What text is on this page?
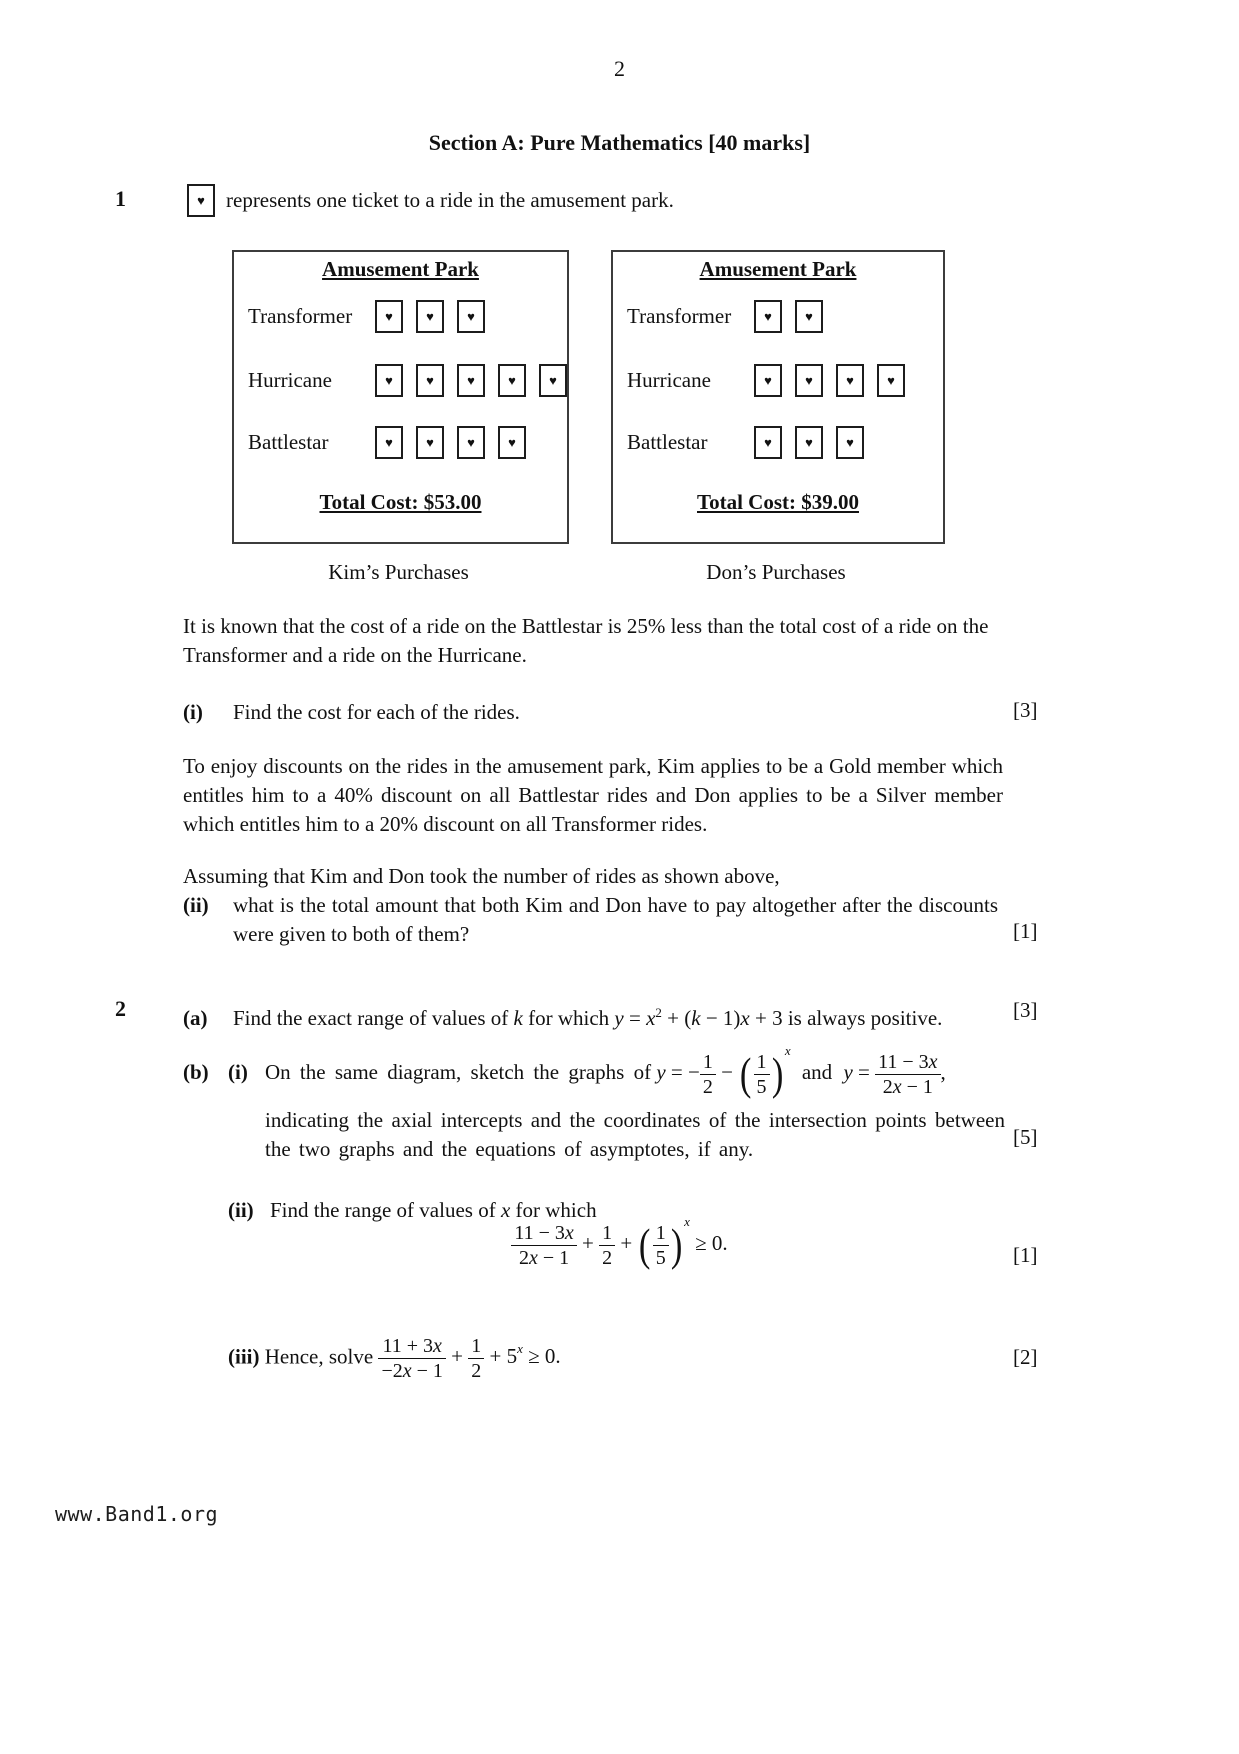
2
Section A: Pure Mathematics [40 marks]
1	♥ represents one ticket to a ride in the amusement park.
Amusement Park
Transformer	♥	♥	♥
Hurricane	♥	♥	♥	♥	♥
Battlestar	♥	♥	♥	♥
Total Cost: $53.00
Kim’s Purchases
Amusement Park
Transformer	♥	♥
Hurricane	♥	♥	♥	♥
Battlestar	♥	♥	♥
Total Cost: $39.00
Don’s Purchases
It is known that the cost of a ride on the Battlestar is 25% less than the total cost of a ride on the Transformer and a ride on the Hurricane.
(i) Find the cost for each of the rides.	[3]
To enjoy discounts on the rides in the amusement park, Kim applies to be a Gold member which entitles him to a 40% discount on all Battlestar rides and Don applies to be a Silver member which entitles him to a 20% discount on all Transformer rides.
Assuming that Kim and Don took the number of rides as shown above,
(ii) what is the total amount that both Kim and Don have to pay altogether after the discounts were given to both of them?	[1]
2	(a) Find the exact range of values of k for which $y = x^2 + (k - 1)x + 3$ is always positive.	[3]
(b) (i) On the same diagram, sketch the graphs of y = − $\frac{1}{2}$ − ( $\frac{1}{5}$ ) x and $y = \frac{11 - 3x}{2x - 1}$ ,
indicating the axial intercepts and the coordinates of the intersection points between the two graphs and the equations of asymptotes, if any.	[5]
(ii) Find the range of values of x for which
$\frac{11 - 3x}{2x - 1} + \frac{1}{2}$ + ( $\frac{1}{5}$ ) x ≥ 0.	[1]
(iii) Hence, solve $\frac{11 + 3x}{-2x - 1} + \frac{1}{2} + 5x \ge 0$.	[2]
www.Band1.org
